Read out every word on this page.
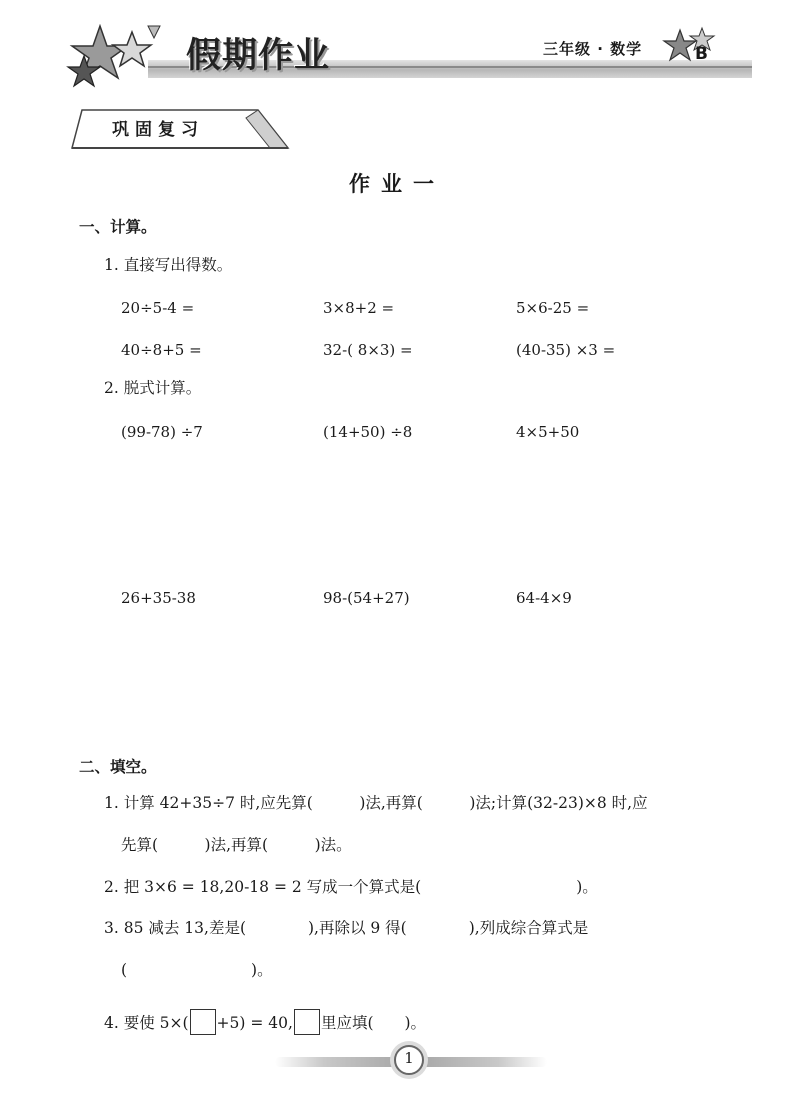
假期作业	三年级 · 数学	B
巩固复习
作业一
一、计算。
1. 直接写出得数。
20÷5-4 =	3×8+2 =	5×6-25 =
40÷8+5 =	32-( 8×3) =	(40-35) ×3 =
2. 脱式计算。
(99-78) ÷7	(14+50) ÷8	4×5+50
26+35-38	98-(54+27)	64-4×9
二、填空。
1. 计算 42+35÷7 时,应先算(　　　)法,再算(　　　)法;计算(32-23)×8 时,应
先算(　　　)法,再算(　　　)法。
2. 把 3×6 = 18,20-18 = 2 写成一个算式是(　　　　　　　　　　)。
3. 85 减去 13,差是(　　　　),再除以 9 得(　　　　),列成综合算式是
(　　　　　　　　)。
4. 要使 5×( +5) = 40, 里应填(　　)。
1
